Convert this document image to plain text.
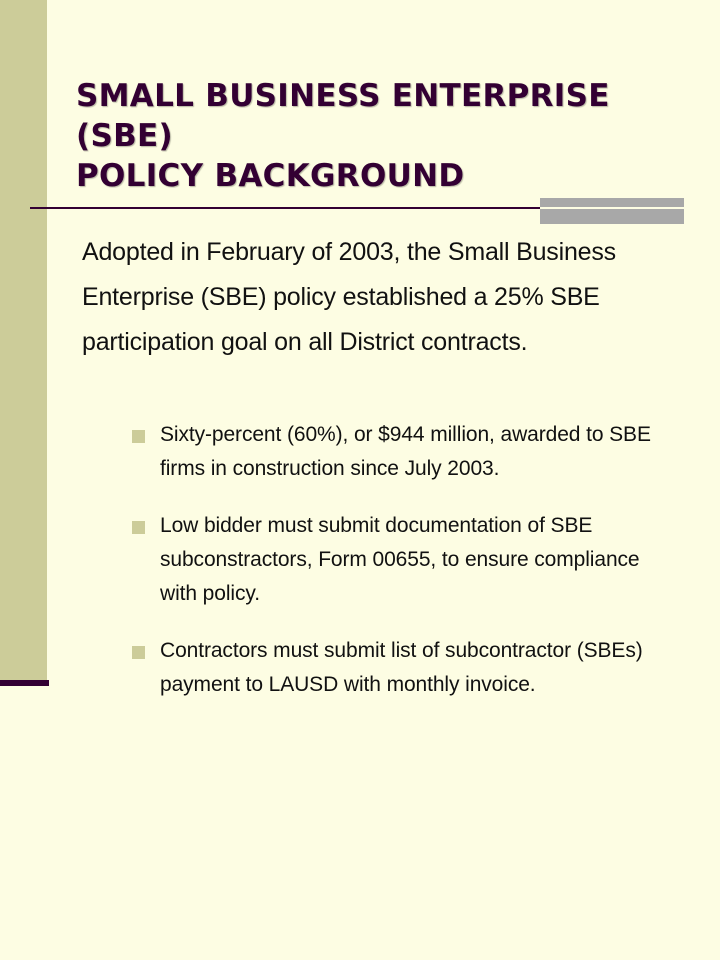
SMALL BUSINESS ENTERPRISE (SBE)
POLICY BACKGROUND

Adopted in February of 2003, the Small Business Enterprise (SBE) policy established a 25% SBE participation goal on all District contracts.

Sixty-percent (60%), or $944 million, awarded to SBE firms in construction since July 2003.
Low bidder must submit documentation of SBE subconstractors, Form 00655, to ensure compliance with policy.
Contractors must submit list of subcontractor (SBEs) payment to LAUSD with monthly invoice.
